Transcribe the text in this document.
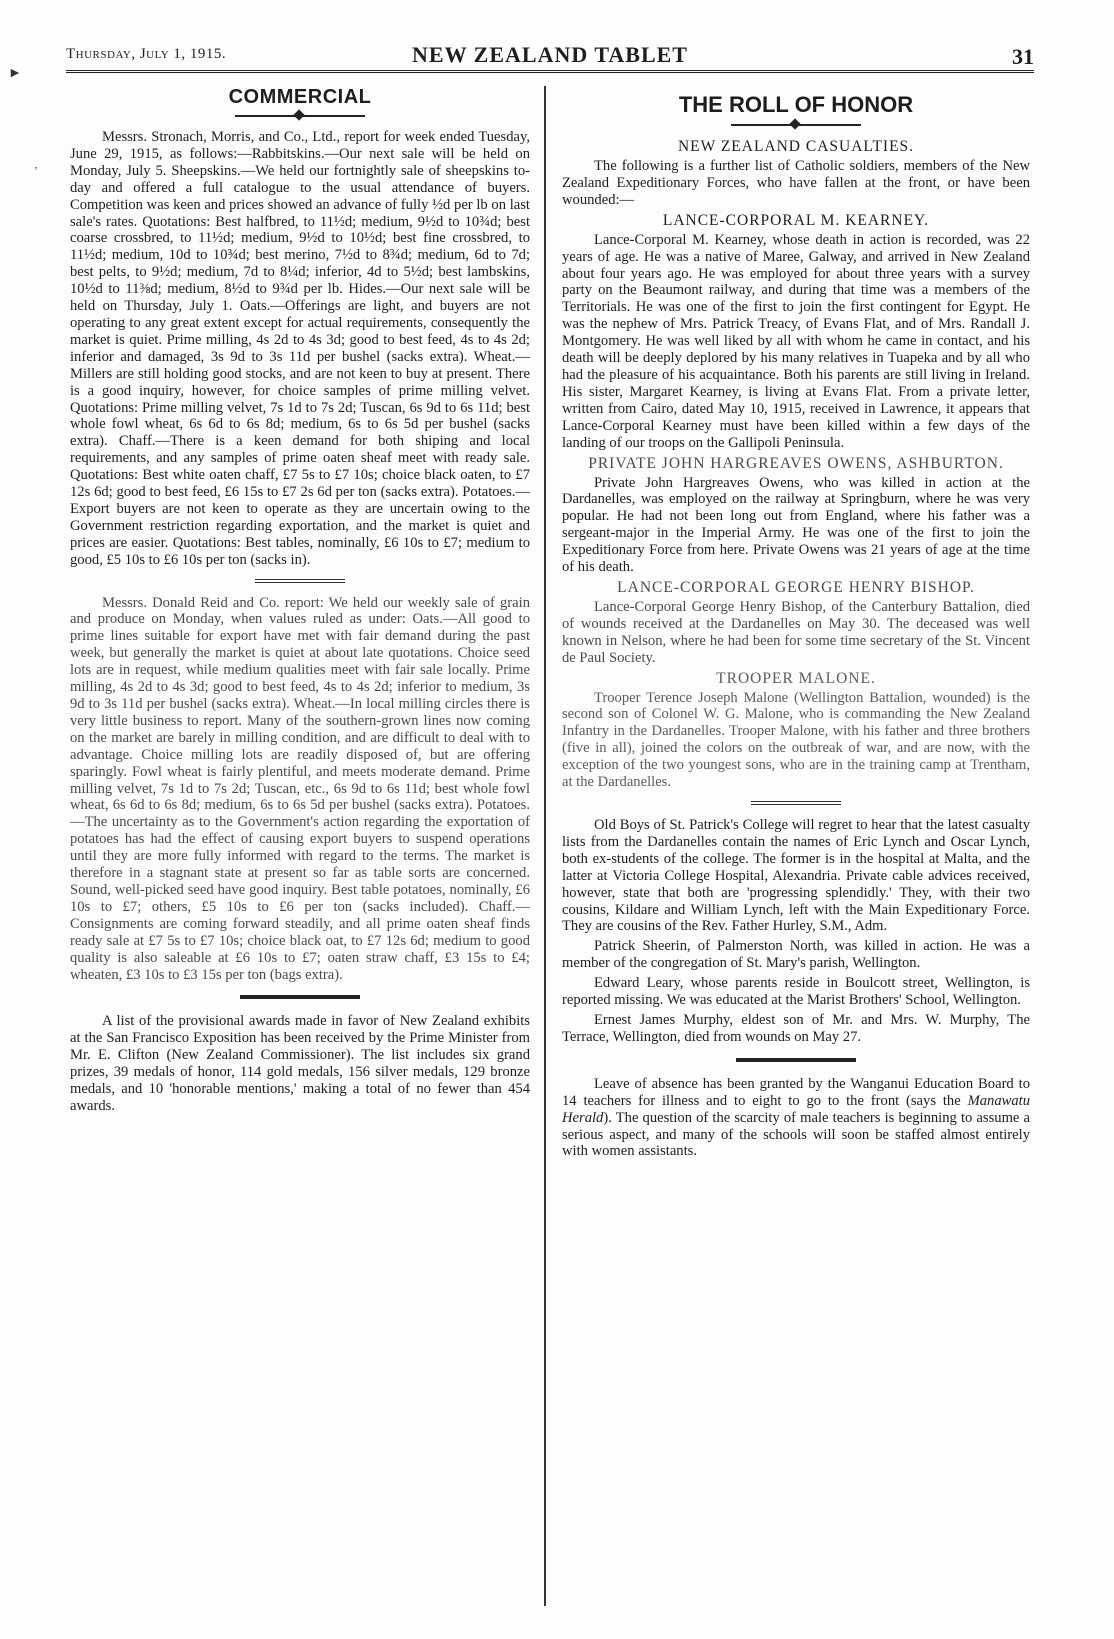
Thursday, July 1, 1915.	NEW ZEALAND TABLET	31
►
’
COMMERCIAL

Messrs. Stronach, Morris, and Co., Ltd., report for week ended Tuesday, June 29, 1915, as follows:—Rabbitskins.—Our next sale will be held on Monday, July 5. Sheepskins.—We held our fortnightly sale of sheepskins to-day and offered a full catalogue to the usual attendance of buyers. Competition was keen and prices showed an advance of fully ½d per lb on last sale's rates. Quotations: Best halfbred, to 11½d; medium, 9½d to 10¾d; best coarse crossbred, to 11½d; medium, 9½d to 10½d; best fine crossbred, to 11½d; medium, 10d to 10¾d; best merino, 7½d to 8¾d; medium, 6d to 7d; best pelts, to 9½d; medium, 7d to 8¼d; inferior, 4d to 5½d; best lambskins, 10½d to 11⅜d; medium, 8½d to 9¾d per lb. Hides.—Our next sale will be held on Thursday, July 1. Oats.—Offerings are light, and buyers are not operating to any great extent except for actual requirements, consequently the market is quiet. Prime milling, 4s 2d to 4s 3d; good to best feed, 4s to 4s 2d; inferior and damaged, 3s 9d to 3s 11d per bushel (sacks extra). Wheat.—Millers are still holding good stocks, and are not keen to buy at present. There is a good inquiry, however, for choice samples of prime milling velvet. Quotations: Prime milling velvet, 7s 1d to 7s 2d; Tuscan, 6s 9d to 6s 11d; best whole fowl wheat, 6s 6d to 6s 8d; medium, 6s to 6s 5d per bushel (sacks extra). Chaff.—There is a keen demand for both shiping and local requirements, and any samples of prime oaten sheaf meet with ready sale. Quotations: Best white oaten chaff, £7 5s to £7 10s; choice black oaten, to £7 12s 6d; good to best feed, £6 15s to £7 2s 6d per ton (sacks extra). Potatoes.—Export buyers are not keen to operate as they are uncertain owing to the Government restriction regarding exportation, and the market is quiet and prices are easier. Quotations: Best tables, nominally, £6 10s to £7; medium to good, £5 10s to £6 10s per ton (sacks in).

Messrs. Donald Reid and Co. report: We held our weekly sale of grain and produce on Monday, when values ruled as under: Oats.—All good to prime lines suitable for export have met with fair demand during the past week, but generally the market is quiet at about late quotations. Choice seed lots are in request, while medium qualities meet with fair sale locally. Prime milling, 4s 2d to 4s 3d; good to best feed, 4s to 4s 2d; inferior to medium, 3s 9d to 3s 11d per bushel (sacks extra). Wheat.—In local milling circles there is very little business to report. Many of the southern-grown lines now coming on the market are barely in milling condition, and are difficult to deal with to advantage. Choice milling lots are readily disposed of, but are offering sparingly. Fowl wheat is fairly plentiful, and meets moderate demand. Prime milling velvet, 7s 1d to 7s 2d; Tuscan, etc., 6s 9d to 6s 11d; best whole fowl wheat, 6s 6d to 6s 8d; medium, 6s to 6s 5d per bushel (sacks extra). Potatoes.—The uncertainty as to the Government's action regarding the exportation of potatoes has had the effect of causing export buyers to suspend operations until they are more fully informed with regard to the terms. The market is therefore in a stagnant state at present so far as table sorts are concerned. Sound, well-picked seed have good inquiry. Best table potatoes, nominally, £6 10s to £7; others, £5 10s to £6 per ton (sacks included). Chaff.—Consignments are coming forward steadily, and all prime oaten sheaf finds ready sale at £7 5s to £7 10s; choice black oat, to £7 12s 6d; medium to good quality is also saleable at £6 10s to £7; oaten straw chaff, £3 15s to £4; wheaten, £3 10s to £3 15s per ton (bags extra).

A list of the provisional awards made in favor of New Zealand exhibits at the San Francisco Exposition has been received by the Prime Minister from Mr. E. Clifton (New Zealand Commissioner). The list includes six grand prizes, 39 medals of honor, 114 gold medals, 156 silver medals, 129 bronze medals, and 10 'honorable mentions,' making a total of no fewer than 454 awards.

THE ROLL OF HONOR
NEW ZEALAND CASUALTIES.

The following is a further list of Catholic soldiers, members of the New Zealand Expeditionary Forces, who have fallen at the front, or have been wounded:—

LANCE-CORPORAL M. KEARNEY.

Lance-Corporal M. Kearney, whose death in action is recorded, was 22 years of age. He was a native of Maree, Galway, and arrived in New Zealand about four years ago. He was employed for about three years with a survey party on the Beaumont railway, and during that time was a members of the Territorials. He was one of the first to join the first contingent for Egypt. He was the nephew of Mrs. Patrick Treacy, of Evans Flat, and of Mrs. Randall J. Montgomery. He was well liked by all with whom he came in contact, and his death will be deeply deplored by his many relatives in Tuapeka and by all who had the pleasure of his acquaintance. Both his parents are still living in Ireland. His sister, Margaret Kearney, is living at Evans Flat. From a private letter, written from Cairo, dated May 10, 1915, received in Lawrence, it appears that Lance-Corporal Kearney must have been killed within a few days of the landing of our troops on the Gallipoli Peninsula.

PRIVATE JOHN HARGREAVES OWENS, ASHBURTON.

Private John Hargreaves Owens, who was killed in action at the Dardanelles, was employed on the railway at Springburn, where he was very popular. He had not been long out from England, where his father was a sergeant-major in the Imperial Army. He was one of the first to join the Expeditionary Force from here. Private Owens was 21 years of age at the time of his death.

LANCE-CORPORAL GEORGE HENRY BISHOP.

Lance-Corporal George Henry Bishop, of the Canterbury Battalion, died of wounds received at the Dardanelles on May 30. The deceased was well known in Nelson, where he had been for some time secretary of the St. Vincent de Paul Society.

TROOPER MALONE.

Trooper Terence Joseph Malone (Wellington Battalion, wounded) is the second son of Colonel W. G. Malone, who is commanding the New Zealand Infantry in the Dardanelles. Trooper Malone, with his father and three brothers (five in all), joined the colors on the outbreak of war, and are now, with the exception of the two youngest sons, who are in the training camp at Trentham, at the Dardanelles.

Old Boys of St. Patrick's College will regret to hear that the latest casualty lists from the Dardanelles contain the names of Eric Lynch and Oscar Lynch, both ex-students of the college. The former is in the hospital at Malta, and the latter at Victoria College Hospital, Alexandria. Private cable advices received, however, state that both are 'progressing splendidly.' They, with their two cousins, Kildare and William Lynch, left with the Main Expeditionary Force. They are cousins of the Rev. Father Hurley, S.M., Adm.

Patrick Sheerin, of Palmerston North, was killed in action. He was a member of the congregation of St. Mary's parish, Wellington.

Edward Leary, whose parents reside in Boulcott street, Wellington, is reported missing. We was educated at the Marist Brothers' School, Wellington.

Ernest James Murphy, eldest son of Mr. and Mrs. W. Murphy, The Terrace, Wellington, died from wounds on May 27.

Leave of absence has been granted by the Wanganui Education Board to 14 teachers for illness and to eight to go to the front (says the Manawatu Herald). The question of the scarcity of male teachers is beginning to assume a serious aspect, and many of the schools will soon be staffed almost entirely with women assistants.
